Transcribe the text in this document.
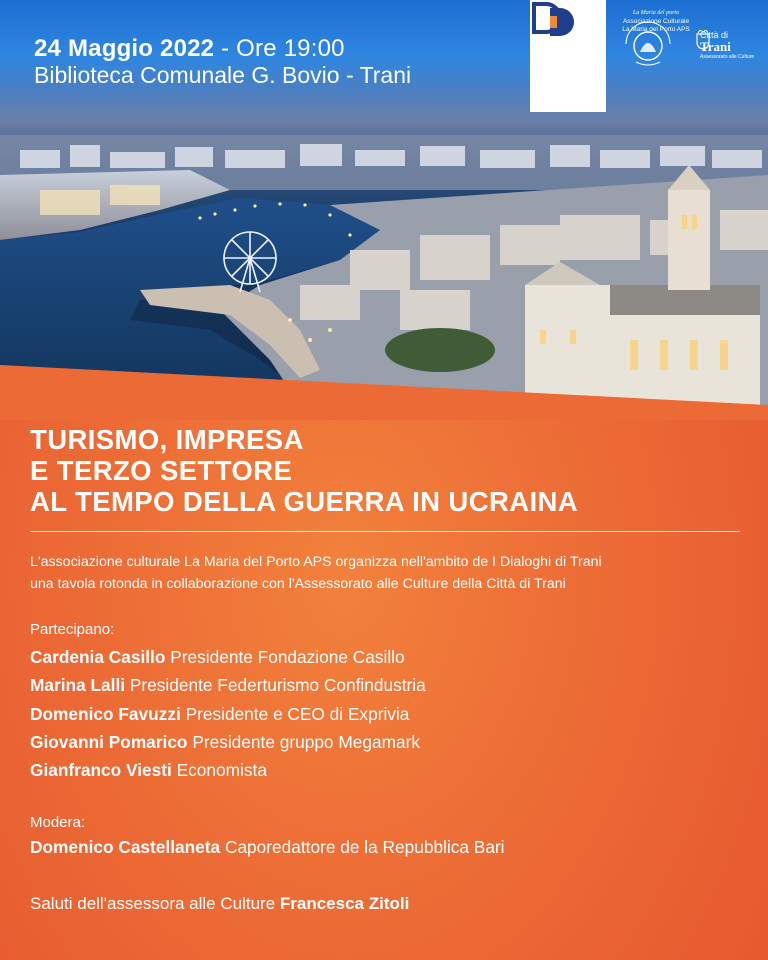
24 Maggio 2022 - Ore 19:00
Biblioteca Comunale G. Bovio - Trani
La Maria del porto
Associazione Culturale
La Maria del Porto APS
Città di
Trani
Assessorato alle Culture
TURISMO, IMPRESA
E TERZO SETTORE
AL TEMPO DELLA GUERRA IN UCRAINA
L'associazione culturale La Maria del Porto APS organizza nell'ambito de I Dialoghi di Trani
una tavola rotonda in collaborazione con l'Assessorato alle Culture della Città di Trani
Partecipano:
Cardenia Casillo Presidente Fondazione Casillo
Marina Lalli Presidente Federturismo Confindustria
Domenico Favuzzi Presidente e CEO di Exprivia
Giovanni Pomarico Presidente gruppo Megamark
Gianfranco Viesti Economista
Modera:
Domenico Castellaneta Caporedattore de la Repubblica Bari
Saluti dell'assessora alle Culture Francesca Zitoli
